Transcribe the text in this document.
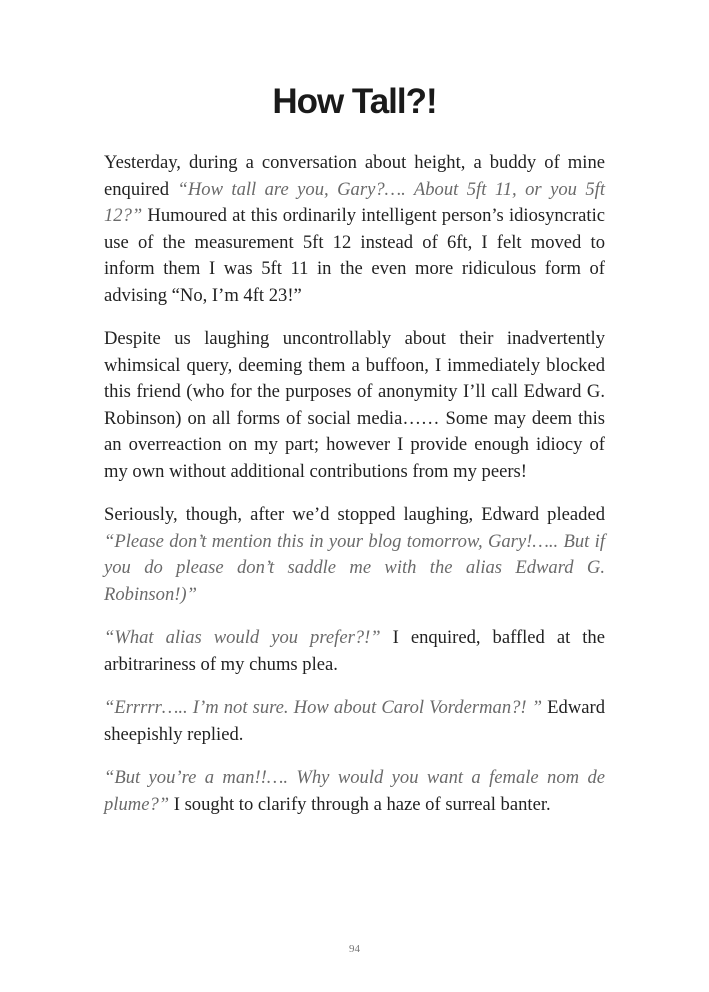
How Tall?!

Yesterday, during a conversation about height, a buddy of mine enquired “How tall are you, Gary?…. About 5ft 11, or you 5ft 12?” Humoured at this ordinarily intelligent person’s idiosyncratic use of the measurement 5ft 12 instead of 6ft, I felt moved to inform them I was 5ft 11 in the even more ridiculous form of advising “No, I’m 4ft 23!”

Despite us laughing uncontrollably about their inadvertently whimsical query, deeming them a buffoon, I immediately blocked this friend (who for the purposes of anonymity I’ll call Edward G. Robinson) on all forms of social media…… Some may deem this an overreaction on my part; however I provide enough idiocy of my own without additional contributions from my peers!

Seriously, though, after we’d stopped laughing, Edward pleaded “Please don’t mention this in your blog tomorrow, Gary!….. But if you do please don’t saddle me with the alias Edward G. Robinson!)”

“What alias would you prefer?!” I enquired, baffled at the arbitrariness of my chums plea.

“Errrrr….. I’m not sure. How about Carol Vorderman?! ” Edward sheepishly replied.

“But you’re a man!!…. Why would you want a female nom de plume?” I sought to clarify through a haze of surreal banter.

94
